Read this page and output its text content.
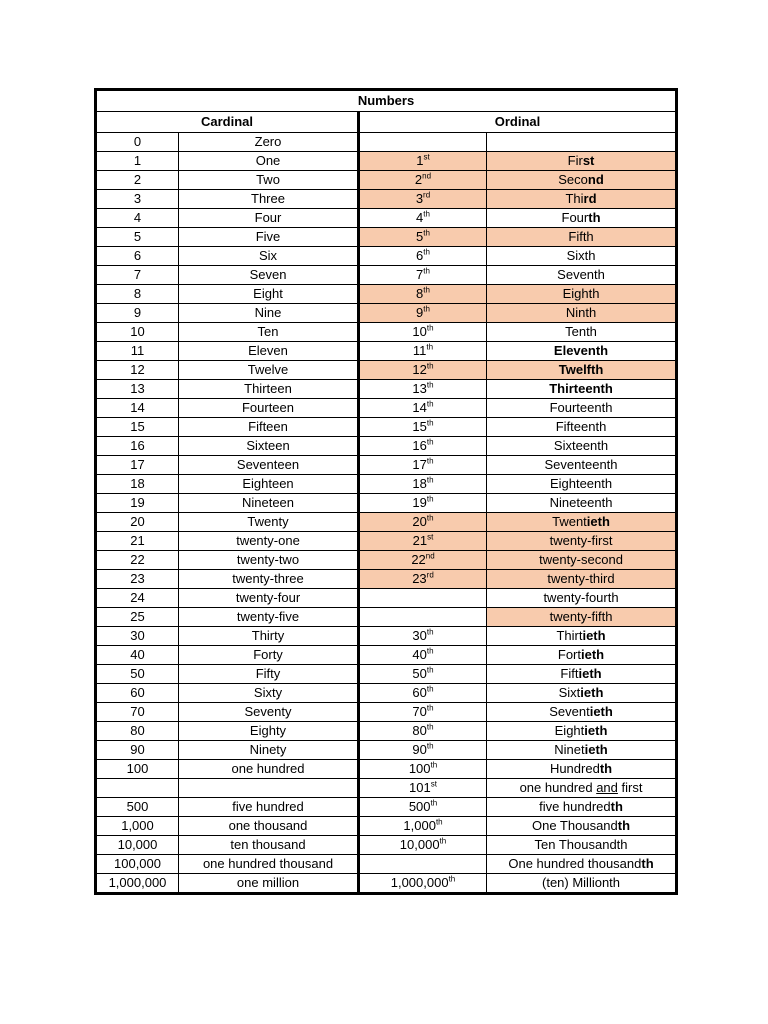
Numbers			
Cardinal		Ordinal	
0	Zero		
1	One	1st	First
2	Two	2nd	Second
3	Three	3rd	Third
4	Four	4th	Fourth
5	Five	5th	Fifth
6	Six	6th	Sixth
7	Seven	7th	Seventh
8	Eight	8th	Eighth
9	Nine	9th	Ninth
10	Ten	10th	Tenth
11	Eleven	11th	Eleventh
12	Twelve	12th	Twelfth
13	Thirteen	13th	Thirteenth
14	Fourteen	14th	Fourteenth
15	Fifteen	15th	Fifteenth
16	Sixteen	16th	Sixteenth
17	Seventeen	17th	Seventeenth
18	Eighteen	18th	Eighteenth
19	Nineteen	19th	Nineteenth
20	Twenty	20th	Twentieth
21	twenty-one	21st	twenty-first
22	twenty-two	22nd	twenty-second
23	twenty-three	23rd	twenty-third
24	twenty-four		twenty-fourth
25	twenty-five		twenty-fifth
30	Thirty	30th	Thirtieth
40	Forty	40th	Fortieth
50	Fifty	50th	Fiftieth
60	Sixty	60th	Sixtieth
70	Seventy	70th	Seventieth
80	Eighty	80th	Eightieth
90	Ninety	90th	Ninetieth
100	one hundred	100th	Hundredth
		101st	one hundred and first
500	five hundred	500th	five hundredth
1,000	one thousand	1,000th	One Thousandth
10,000	ten thousand	10,000th	Ten Thousandth
100,000	one hundred thousand		One hundred thousandth
1,000,000	one million	1,000,000th	(ten) Millionth
